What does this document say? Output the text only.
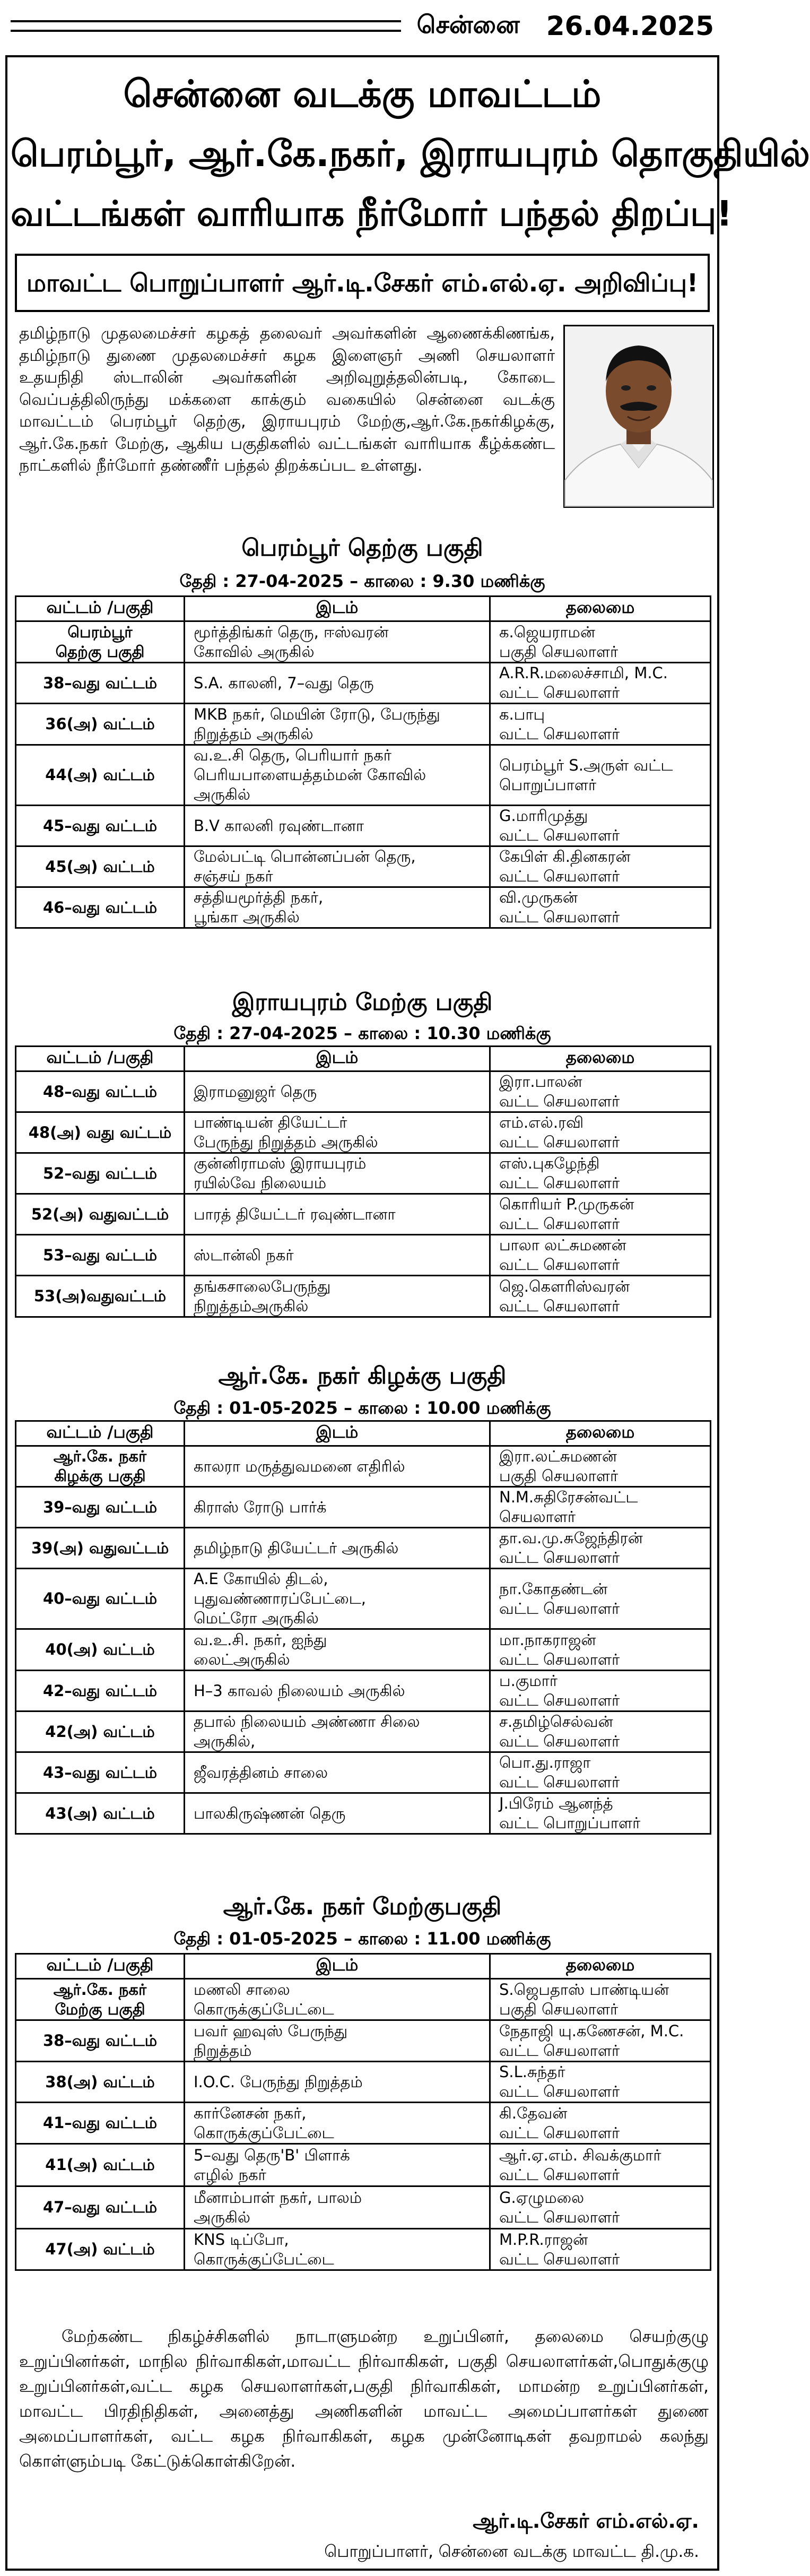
சென்னை 26.04.2025
சென்னை வடக்கு மாவட்டம்
பெரம்பூர், ஆர்.கே.நகர், இராயபுரம் தொகுதியில்
வட்டங்கள் வாரியாக நீர்மோர் பந்தல் திறப்பு!
மாவட்ட பொறுப்பாளர் ஆர்.டி.சேகர் எம்.எல்.ஏ. அறிவிப்பு!

தமிழ்நாடு முதலமைச்சர் கழகத் தலைவர் அவர்களின் ஆணைக்கிணங்க, தமிழ்நாடு துணை முதலமைச்சர் கழக இளைஞர் அணி செயலாளர் உதயநிதி ஸ்டாலின் அவர்களின் அறிவுறுத்தலின்படி, கோடை வெப்பத்திலிருந்து மக்களை காக்கும் வகையில் சென்னை வடக்கு மாவட்டம் பெரம்பூர் தெற்கு, இராயபுரம் மேற்கு,ஆர்.கே.நகர்கிழக்கு, ஆர்.கே.நகர் மேற்கு, ஆகிய பகுதிகளில் வட்டங்கள் வாரியாக கீழ்க்கண்ட நாட்களில் நீர்மோர் தண்ணீர் பந்தல் திறக்கப்பட உள்ளது.

பெரம்பூர் தெற்கு பகுதி
தேதி : 27-04-2025 – காலை : 9.30 மணிக்கு
வட்டம் /பகுதி	இடம்	தலைமை

பெரம்பூர்
தெற்கு பகுதி	மூர்த்திங்கர் தெரு, ஈஸ்வரன்
கோவில் அருகில்	க.ஜெயராமன்
பகுதி செயலாளர்

38–வது வட்டம்	S.A. காலனி, 7–வது தெரு	A.R.R.மலைச்சாமி, M.C.
வட்ட செயலாளர்

36(அ) வட்டம்	MKB நகர், மெயின் ரோடு, பேருந்து
நிறுத்தம் அருகில்	க.பாபு
வட்ட செயலாளர்

44(அ) வட்டம்	வ.உ.சி தெரு, பெரியார் நகர்
பெரியபாளையத்தம்மன் கோவில்
அருகில்	பெரம்பூர் S.அருள் வட்ட
பொறுப்பாளர்

45–வது வட்டம்	B.V காலனி ரவுண்டானா	G.மாரிமுத்து
வட்ட செயலாளர்

45(அ) வட்டம்	மேல்பட்டி பொன்னப்பன் தெரு,
சஞ்சய் நகர்	கேபிள் கி.தினகரன்
வட்ட செயலாளர்

46–வது வட்டம்	சத்தியமூர்த்தி நகர்,
பூங்கா அருகில்	வி.முருகன்
வட்ட செயலாளர்
இராயபுரம் மேற்கு பகுதி
தேதி : 27-04-2025 – காலை : 10.30 மணிக்கு
வட்டம் /பகுதி	இடம்	தலைமை

48–வது வட்டம்	இராமனுஜர் தெரு	இரா.பாலன்
வட்ட செயலாளர்

48(அ) வது வட்டம்	பாண்டியன் தியேட்டர்
பேருந்து நிறுத்தம் அருகில்	எம்.எல்.ரவி
வட்ட செயலாளர்

52–வது வட்டம்	குன்னிராமஸ் இராயபுரம்
ரயில்வே நிலையம்	எஸ்.புகழேந்தி
வட்ட செயலாளர்

52(அ) வதுவட்டம்	பாரத் தியேட்டர் ரவுண்டானா	கொரியர் P.முருகன்
வட்ட செயலாளர்

53–வது வட்டம்	ஸ்டான்லி நகர்	பாலா லட்சுமணன்
வட்ட செயலாளர்

53(அ)வதுவட்டம்	தங்கசாலைபேருந்து
நிறுத்தம்அருகில்	ஜெ.கௌரிஸ்வரன்
வட்ட செயலாளர்
ஆர்.கே. நகர் கிழக்கு பகுதி
தேதி : 01-05-2025 – காலை : 10.00 மணிக்கு
வட்டம் /பகுதி	இடம்	தலைமை

ஆர்.கே. நகர்
கிழக்கு பகுதி	காலரா மருத்துவமனை எதிரில்	இரா.லட்சுமணன்
பகுதி செயலாளர்

39–வது வட்டம்	கிராஸ் ரோடு பார்க்	N.M.சுதிரேசன்வட்ட
செயலாளர்

39(அ) வதுவட்டம்	தமிழ்நாடு தியேட்டர் அருகில்	தா.வ.மு.சுஜேந்திரன்
வட்ட செயலாளர்

40–வது வட்டம்	A.E கோயில் திடல்,
புதுவண்ணாரப்பேட்டை,
மெட்ரோ அருகில்	நா.கோதண்டன்
வட்ட செயலாளர்

40(அ) வட்டம்	வ.உ.சி. நகர், ஐந்து
லைட்அருகில்	மா.நாகராஜன்
வட்ட செயலாளர்

42–வது வட்டம்	H–3 காவல் நிலையம் அருகில்	ப.குமார்
வட்ட செயலாளர்

42(அ) வட்டம்	தபால் நிலையம் அண்ணா சிலை
அருகில்,	ச.தமிழ்செல்வன்
வட்ட செயலாளர்

43–வது வட்டம்	ஜீவரத்தினம் சாலை	பொ.து.ராஜா
வட்ட செயலாளர்

43(அ) வட்டம்	பாலகிருஷ்ணன் தெரு	J.பிரேம் ஆனந்த்
வட்ட பொறுப்பாளர்
ஆர்.கே. நகர் மேற்குபகுதி
தேதி : 01-05-2025 – காலை : 11.00 மணிக்கு
வட்டம் /பகுதி	இடம்	தலைமை

ஆர்.கே. நகர்
மேற்கு பகுதி	மணலி சாலை
கொருக்குப்பேட்டை	S.ஜெபதாஸ் பாண்டியன்
பகுதி செயலாளர்

38–வது வட்டம்	பவர் ஹவுஸ் பேருந்து
நிறுத்தம்	நேதாஜி யு.கணேசன், M.C.
வட்ட செயலாளர்

38(அ) வட்டம்	I.O.C. பேருந்து நிறுத்தம்	S.L.சுந்தர்
வட்ட செயலாளர்

41–வது வட்டம்	கார்னேசன் நகர்,
கொருக்குப்பேட்டை	கி.தேவன்
வட்ட செயலாளர்

41(அ) வட்டம்	5–வது தெரு'B' பிளாக்
எழில் நகர்	ஆர்.ஏ.எம். சிவக்குமார்
வட்ட செயலாளர்

47–வது வட்டம்	மீனாம்பாள் நகர், பாலம்
அருகில்	G.ஏழுமலை
வட்ட செயலாளர்

47(அ) வட்டம்	KNS டிப்போ,
கொருக்குப்பேட்டை	M.P.R.ராஜன்
வட்ட செயலாளர்

மேற்கண்ட நிகழ்ச்சிகளில் நாடாளுமன்ற உறுப்பினர், தலைமை செயற்குழு உறுப்பினர்கள், மாநில நிர்வாகிகள்,மாவட்ட நிர்வாகிகள், பகுதி செயலாளர்கள்,பொதுக்குழு உறுப்பினர்கள்,வட்ட கழக செயலாளர்கள்,பகுதி நிர்வாகிகள், மாமன்ற உறுப்பினர்கள், மாவட்ட பிரதிநிதிகள், அனைத்து அணிகளின் மாவட்ட அமைப்பாளர்கள் துணை அமைப்பாளர்கள், வட்ட கழக நிர்வாகிகள், கழக முன்னோடிகள் தவறாமல் கலந்து கொள்ளும்படி கேட்டுக்கொள்கிறேன்.

ஆர்.டி.சேகர் எம்.எல்.ஏ.
பொறுப்பாளர், சென்னை வடக்கு மாவட்ட தி.மு.க.
